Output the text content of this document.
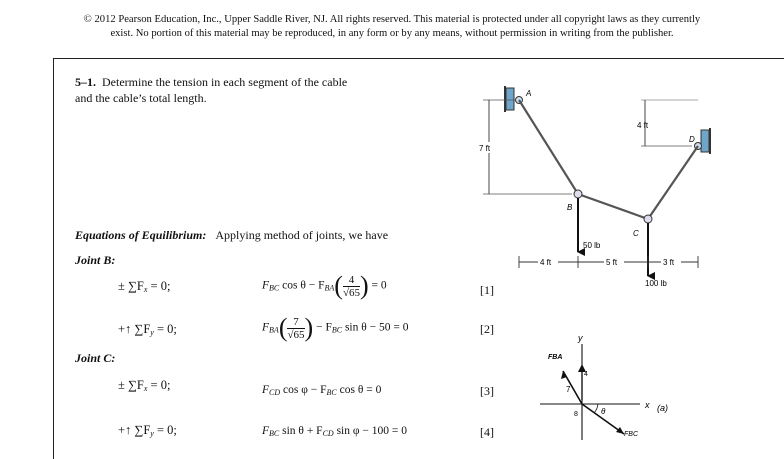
© 2012 Pearson Education, Inc., Upper Saddle River, NJ. All rights reserved. This material is protected under all copyright laws as they currently
exist. No portion of this material may be reproduced, in any form or by any means, without permission in writing from the publisher.
5–1. Determine the tension in each segment of the cable
and the cable’s total length.
Equations of Equilibrium: Applying method of joints, we have
Joint B:
± $\sum F_x = 0$;	$F_{BC}$ $\cos \theta - F_{BA}( \frac{4}{√65}$ ) = 0	[1]
+↑ $\sum F_y = 0$;	$F_{BA}( \frac{7}{√65}$ ) − $F_{BC}$ sin θ − 50 = 0	[2]
Joint C:
± $\sum F_x = 0$;	$F_{CD}$ $\cos \varphi - F_{BC}$ cos θ = 0	[3]
+↑ $\sum F_y = 0$;	$F_{BC}$ $\sin \theta + F_{CD}$ sin φ − 100 = 0	[4]
A
B
C
D
7 ft
4 ft
4 ft	5 ft	3 ft
50 lb
100 lb
y
x
FBA
FBC
7
4
8	θ	(a)
